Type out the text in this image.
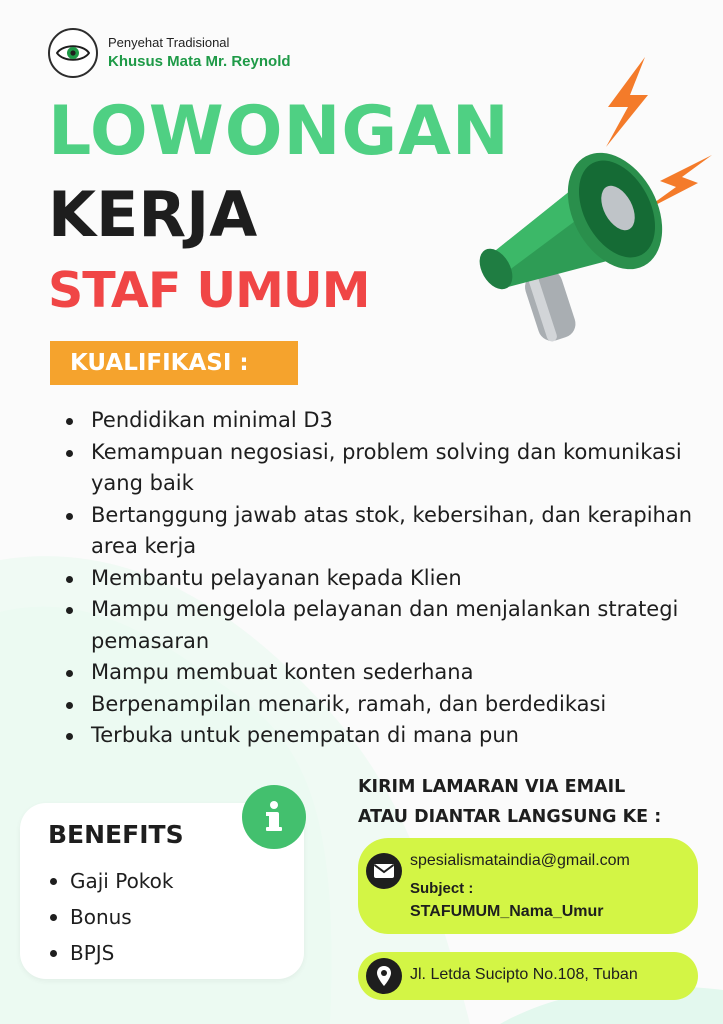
Penyehat Tradisional
Khusus Mata Mr. Reynold
LOWONGAN
KERJA
STAF UMUM
KUALIFIKASI :
Pendidikan minimal D3
Kemampuan negosiasi, problem solving dan komunikasi yang baik
Bertanggung jawab atas stok, kebersihan, dan kerapihan area kerja
Membantu pelayanan kepada Klien
Mampu mengelola pelayanan dan menjalankan strategi pemasaran
Mampu membuat konten sederhana
Berpenampilan menarik, ramah, dan berdedikasi
Terbuka untuk penempatan di mana pun
BENEFITS
Gaji Pokok
Bonus
BPJS
KIRIM LAMARAN VIA EMAIL
ATAU DIANTAR LANGSUNG KE :
spesialismataindia@gmail.com
Subject :
STAFUMUM_Nama_Umur
Jl. Letda Sucipto No.108, Tuban
